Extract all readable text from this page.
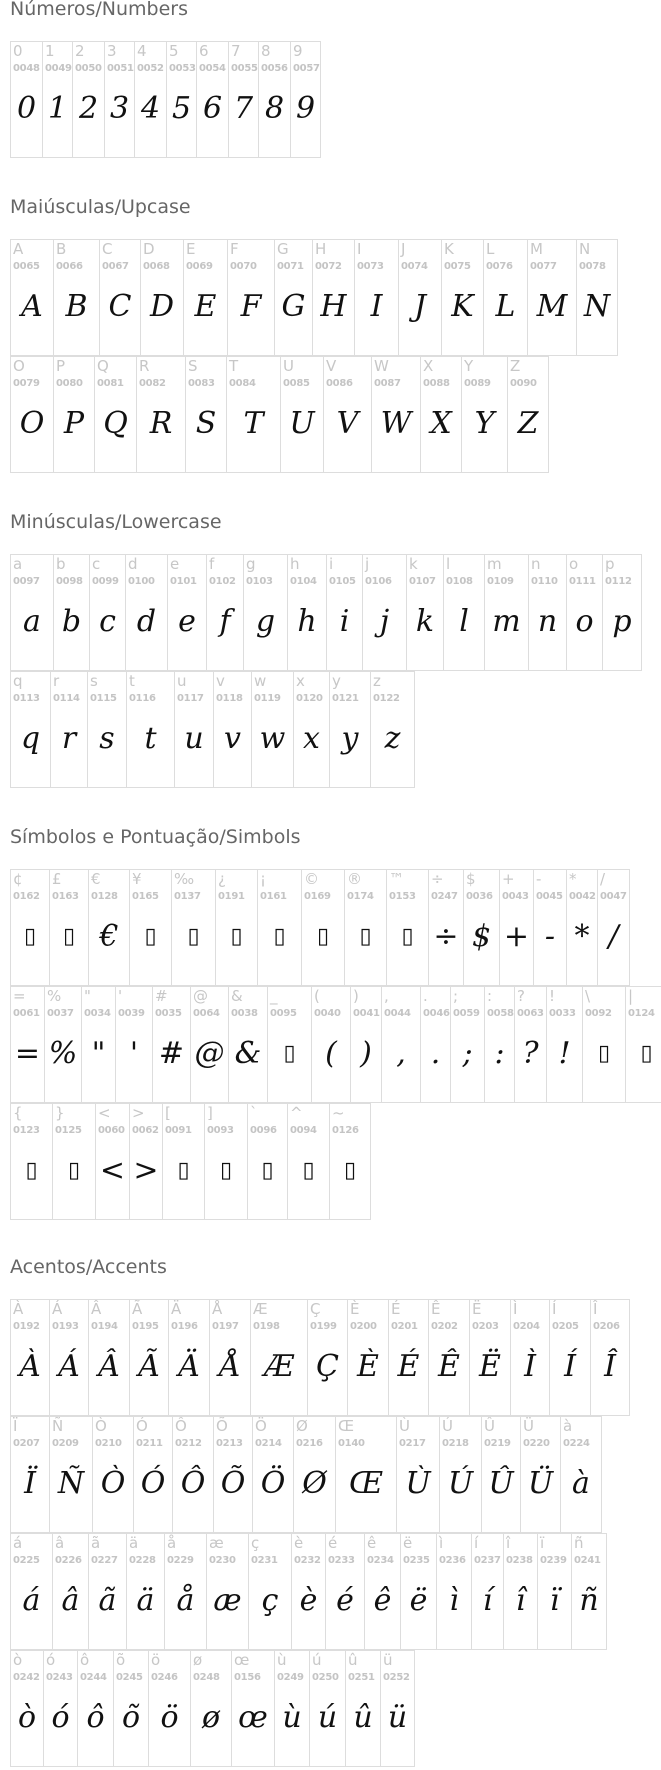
Números/Numbers
0
0048
0
1
0049
1
2
0050
2
3
0051
3
4
0052
4
5
0053
5
6
0054
6
7
0055
7
8
0056
8
9
0057
9
Maiúsculas/Upcase
A
0065
A
B
0066
B
C
0067
C
D
0068
D
E
0069
E
F
0070
F
G
0071
G
H
0072
H
I
0073
I
J
0074
J
K
0075
K
L
0076
L
M
0077
M
N
0078
N
O
0079
O
P
0080
P
Q
0081
Q
R
0082
R
S
0083
S
T
0084
T
U
0085
U
V
0086
V
W
0087
W
X
0088
X
Y
0089
Y
Z
0090
Z
Minúsculas/Lowercase
a
0097
a
b
0098
b
c
0099
c
d
0100
d
e
0101
e
f
0102
f
g
0103
g
h
0104
h
i
0105
i
j
0106
j
k
0107
k
l
0108
l
m
0109
m
n
0110
n
o
0111
o
p
0112
p
q
0113
q
r
0114
r
s
0115
s
t
0116
t
u
0117
u
v
0118
v
w
0119
w
x
0120
x
y
0121
y
z
0122
z
Símbolos e Pontuação/Simbols
¢
0162
▯
£
0163
▯
€
0128
€
¥
0165
▯
‰
0137
▯
¿
0191
▯
¡
0161
▯
©
0169
▯
®
0174
▯
™
0153
▯
÷
0247
÷
$
0036
$
+
0043
+
-
0045
-
*
0042
*
/
0047
/
=
0061
=
%
0037
%
"
0034
"
'
0039
'
#
0035
#
@
0064
@
&
0038
&
_
0095
▯
(
0040
(
)
0041
)
,
0044
,
.
0046
.
;
0059
;
:
0058
:
?
0063
?
!
0033
!
\
0092
▯
|
0124
▯
{
0123
▯
}
0125
▯
<
0060
<
>
0062
>
[
0091
▯
]
0093
▯
`
0096
▯
^
0094
▯
~
0126
▯
Acentos/Accents
À
0192
À
Á
0193
Á
Â
0194
Â
Ã
0195
Ã
Ä
0196
Ä
Å
0197
Å
Æ
0198
Æ
Ç
0199
Ç
È
0200
È
É
0201
É
Ê
0202
Ê
Ë
0203
Ë
Ì
0204
Ì
Í
0205
Í
Î
0206
Î
Ï
0207
Ï
Ñ
0209
Ñ
Ò
0210
Ò
Ó
0211
Ó
Ô
0212
Ô
Õ
0213
Õ
Ö
0214
Ö
Ø
0216
Ø
Œ
0140
Œ
Ù
0217
Ù
Ú
0218
Ú
Û
0219
Û
Ü
0220
Ü
à
0224
à
á
0225
á
â
0226
â
ã
0227
ã
ä
0228
ä
å
0229
å
æ
0230
æ
ç
0231
ç
è
0232
è
é
0233
é
ê
0234
ê
ë
0235
ë
ì
0236
ì
í
0237
í
î
0238
î
ï
0239
ï
ñ
0241
ñ
ò
0242
ò
ó
0243
ó
ô
0244
ô
õ
0245
õ
ö
0246
ö
ø
0248
ø
œ
0156
œ
ù
0249
ù
ú
0250
ú
û
0251
û
ü
0252
ü
